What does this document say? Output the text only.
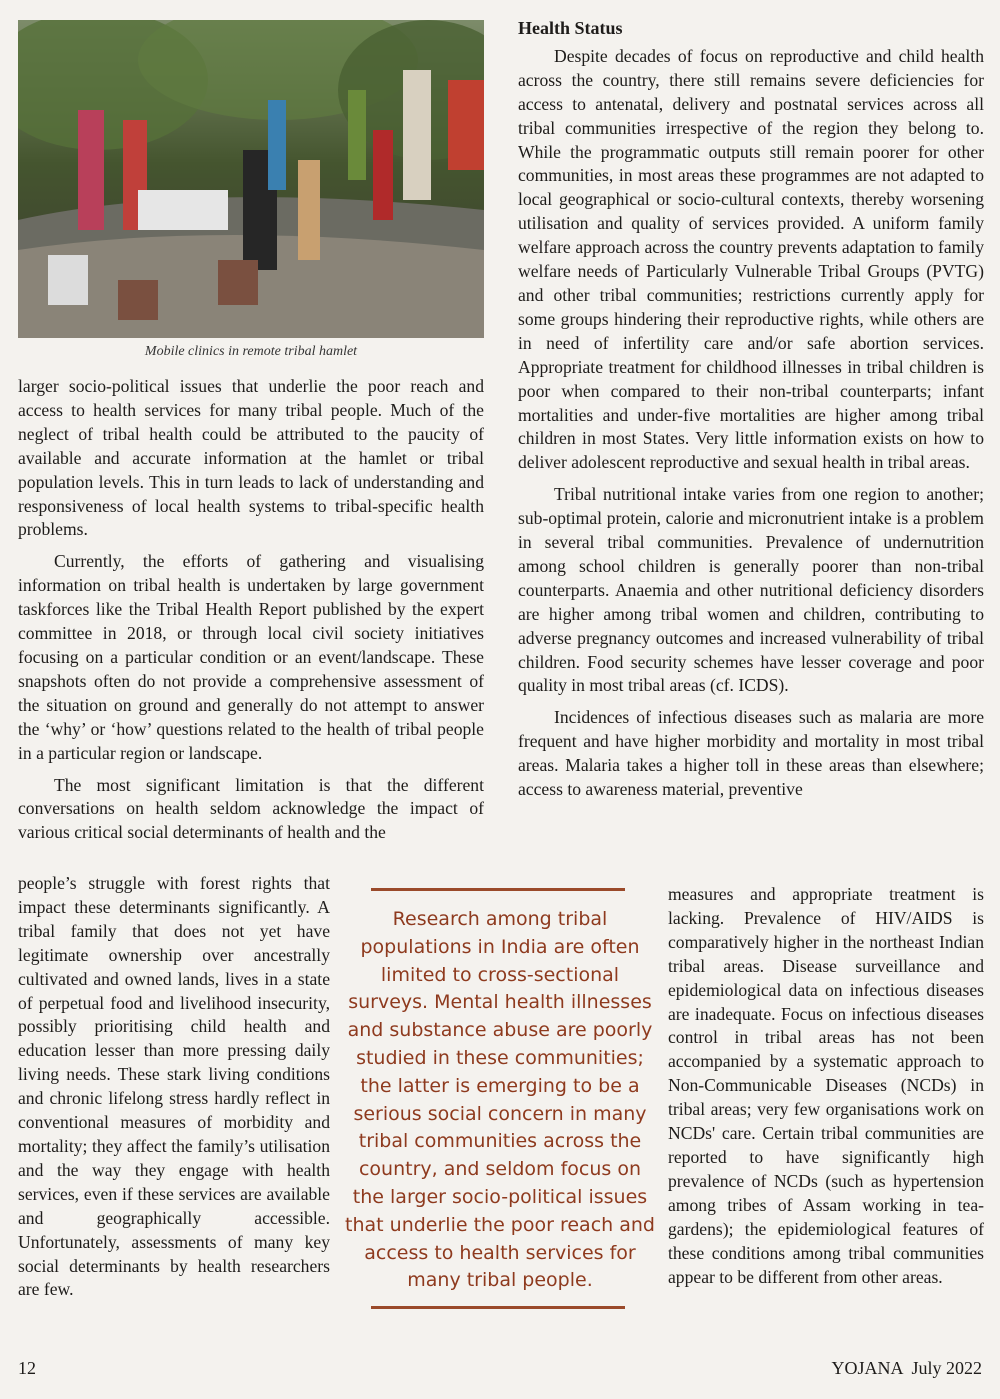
Mobile clinics in remote tribal hamlet

larger socio-political issues that underlie the poor reach and access to health services for many tribal people. Much of the neglect of tribal health could be attributed to the paucity of available and accurate information at the hamlet or tribal population levels. This in turn leads to lack of understanding and responsiveness of local health systems to tribal-specific health problems.

Currently, the efforts of gathering and visualising information on tribal health is undertaken by large government taskforces like the Tribal Health Report published by the expert committee in 2018, or through local civil society initiatives focusing on a particular condition or an event/landscape. These snapshots often do not provide a comprehensive assessment of the situation on ground and generally do not attempt to answer the ‘why’ or ‘how’ questions related to the health of tribal people in a particular region or landscape.

The most significant limitation is that the different conversations on health seldom acknowledge the impact of various critical social determinants of health and the

people’s struggle with forest rights that impact these determinants significantly. A tribal family that does not yet have legitimate ownership over ancestrally cultivated and owned lands, lives in a state of perpetual food and livelihood insecurity, possibly prioritising child health and education lesser than more pressing daily living needs. These stark living conditions and chronic lifelong stress hardly reflect in conventional measures of morbidity and mortality; they affect the family’s utilisation and the way they engage with health services, even if these services are available and geographically accessible. Unfortunately, assessments of many key social determinants by health researchers are few.

Research among tribal populations in India are often limited to cross-sectional surveys. Mental health illnesses and substance abuse are poorly studied in these communities; the latter is emerging to be a serious social concern in many tribal communities across the country, and seldom focus on the larger socio-political issues that underlie the poor reach and access to health services for many tribal people.

Health Status

Despite decades of focus on reproductive and child health across the country, there still remains severe deficiencies for access to antenatal, delivery and postnatal services across all tribal communities irrespective of the region they belong to. While the programmatic outputs still remain poorer for other communities, in most areas these programmes are not adapted to local geographical or socio-cultural contexts, thereby worsening utilisation and quality of services provided. A uniform family welfare approach across the country prevents adaptation to family welfare needs of Particularly Vulnerable Tribal Groups (PVTG) and other tribal communities; restrictions currently apply for some groups hindering their reproductive rights, while others are in need of infertility care and/or safe abortion services. Appropriate treatment for childhood illnesses in tribal children is poor when compared to their non-tribal counterparts; infant mortalities and under-five mortalities are higher among tribal children in most States. Very little information exists on how to deliver adolescent reproductive and sexual health in tribal areas.

Tribal nutritional intake varies from one region to another; sub-optimal protein, calorie and micronutrient intake is a problem in several tribal communities. Prevalence of undernutrition among school children is generally poorer than non-tribal counterparts. Anaemia and other nutritional deficiency disorders are higher among tribal women and children, contributing to adverse pregnancy outcomes and increased vulnerability of tribal children. Food security schemes have lesser coverage and poor quality in most tribal areas (cf. ICDS).

Incidences of infectious diseases such as malaria are more frequent and have higher morbidity and mortality in most tribal areas. Malaria takes a higher toll in these areas than elsewhere; access to awareness material, preventive

measures and appropriate treatment is lacking. Prevalence of HIV/AIDS is comparatively higher in the northeast Indian tribal areas. Disease surveillance and epidemiological data on infectious diseases are inadequate. Focus on infectious diseases control in tribal areas has not been accompanied by a systematic approach to Non-Communicable Diseases (NCDs) in tribal areas; very few organisations work on NCDs' care. Certain tribal communities are reported to have significantly high prevalence of NCDs (such as hypertension among tribes of Assam working in tea-gardens); the epidemiological features of these conditions among tribal communities appear to be different from other areas.

12	YOJANA  July 2022
